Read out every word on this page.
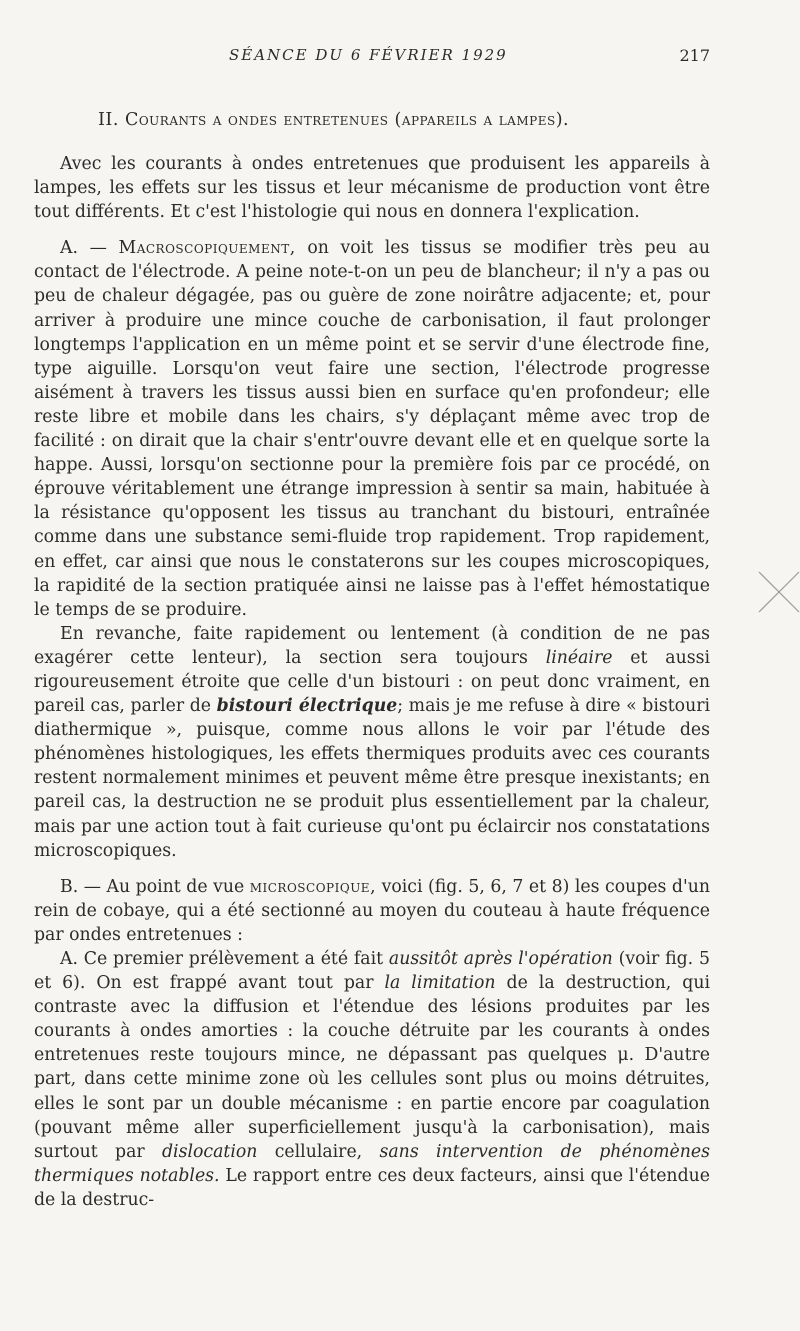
SÉANCE DU 6 FÉVRIER 1929	217
II. Courants a ondes entretenues (appareils a lampes).

Avec les courants à ondes entretenues que produisent les appareils à lampes, les effets sur les tissus et leur mécanisme de production vont être tout différents. Et c'est l'histologie qui nous en donnera l'explication.

A. — Macroscopiquement, on voit les tissus se modifier très peu au contact de l'électrode. A peine note-t-on un peu de blancheur; il n'y a pas ou peu de chaleur dégagée, pas ou guère de zone noirâtre adjacente; et, pour arriver à produire une mince couche de carbonisation, il faut prolonger longtemps l'application en un même point et se servir d'une électrode fine, type aiguille. Lorsqu'on veut faire une section, l'électrode progresse aisément à travers les tissus aussi bien en surface qu'en profondeur; elle reste libre et mobile dans les chairs, s'y déplaçant même avec trop de facilité : on dirait que la chair s'entr'ouvre devant elle et en quelque sorte la happe. Aussi, lorsqu'on sectionne pour la première fois par ce procédé, on éprouve véritablement une étrange impression à sentir sa main, habituée à la résistance qu'opposent les tissus au tranchant du bistouri, entraînée comme dans une substance semi-fluide trop rapidement. Trop rapidement, en effet, car ainsi que nous le constaterons sur les coupes microscopiques, la rapidité de la section pratiquée ainsi ne laisse pas à l'effet hémostatique le temps de se produire.

En revanche, faite rapidement ou lentement (à condition de ne pas exagérer cette lenteur), la section sera toujours linéaire et aussi rigoureusement étroite que celle d'un bistouri : on peut donc vraiment, en pareil cas, parler de bistouri électrique; mais je me refuse à dire « bistouri diathermique », puisque, comme nous allons le voir par l'étude des phénomènes histologiques, les effets thermiques produits avec ces courants restent normalement minimes et peuvent même être presque inexistants; en pareil cas, la destruction ne se produit plus essentiellement par la chaleur, mais par une action tout à fait curieuse qu'ont pu éclaircir nos constatations microscopiques.

B. — Au point de vue microscopique, voici (fig. 5, 6, 7 et 8) les coupes d'un rein de cobaye, qui a été sectionné au moyen du couteau à haute fréquence par ondes entretenues :

A. Ce premier prélèvement a été fait aussitôt après l'opération (voir fig. 5 et 6). On est frappé avant tout par la limitation de la destruction, qui contraste avec la diffusion et l'étendue des lésions produites par les courants à ondes amorties : la couche détruite par les courants à ondes entretenues reste toujours mince, ne dépassant pas quelques μ. D'autre part, dans cette minime zone où les cellules sont plus ou moins détruites, elles le sont par un double mécanisme : en partie encore par coagulation (pouvant même aller superficiellement jusqu'à la carbonisation), mais surtout par dislocation cellulaire, sans intervention de phénomènes thermiques notables. Le rapport entre ces deux facteurs, ainsi que l'étendue de la destruc-
